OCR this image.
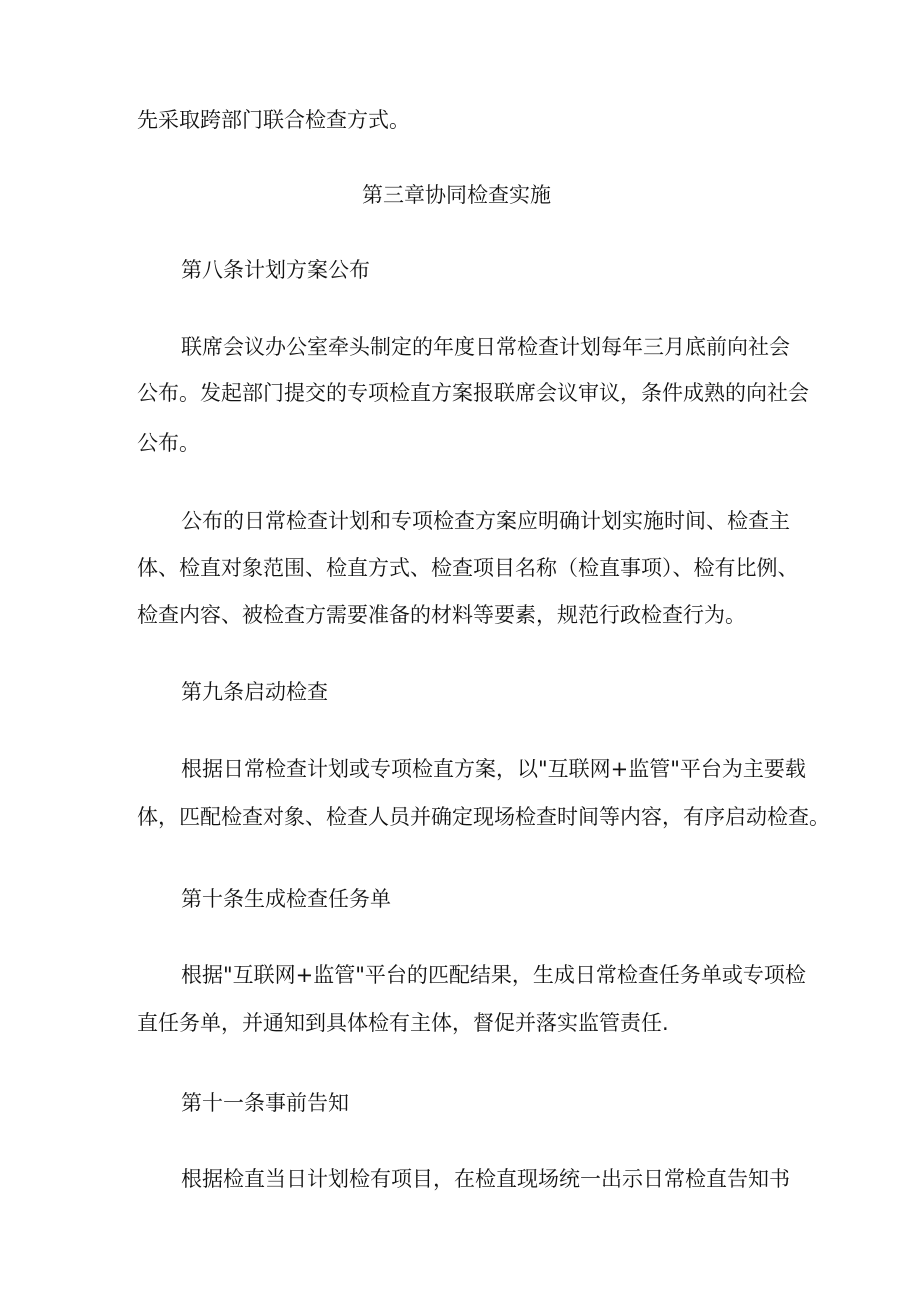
先采取跨部门联合检查方式。
第三章协同检查实施
第八条计划方案公布
联席会议办公室牵头制定的年度日常检查计划每年三月底前向社会
公布。发起部门提交的专项检直方案报联席会议审议，条件成熟的向社会
公布。
公布的日常检查计划和专项检查方案应明确计划实施时间、检查主
体、检直对象范围、检直方式、检查项目名称（检直事项）、检有比例、
检查内容、被检查方需要准备的材料等要素，规范行政检查行为。
第九条启动检查
根据日常检查计划或专项检直方案，以"互联网+监管"平台为主要载
体，匹配检查对象、检查人员并确定现场检查时间等内容，有序启动检查。
第十条生成检查任务单
根据"互联网+监管"平台的匹配结果，生成日常检查任务单或专项检
直任务单，并通知到具体检有主体，督促并落实监管责任.
第十一条事前告知
根据检直当日计划检有项目，在检直现场统一出示日常检直告知书
